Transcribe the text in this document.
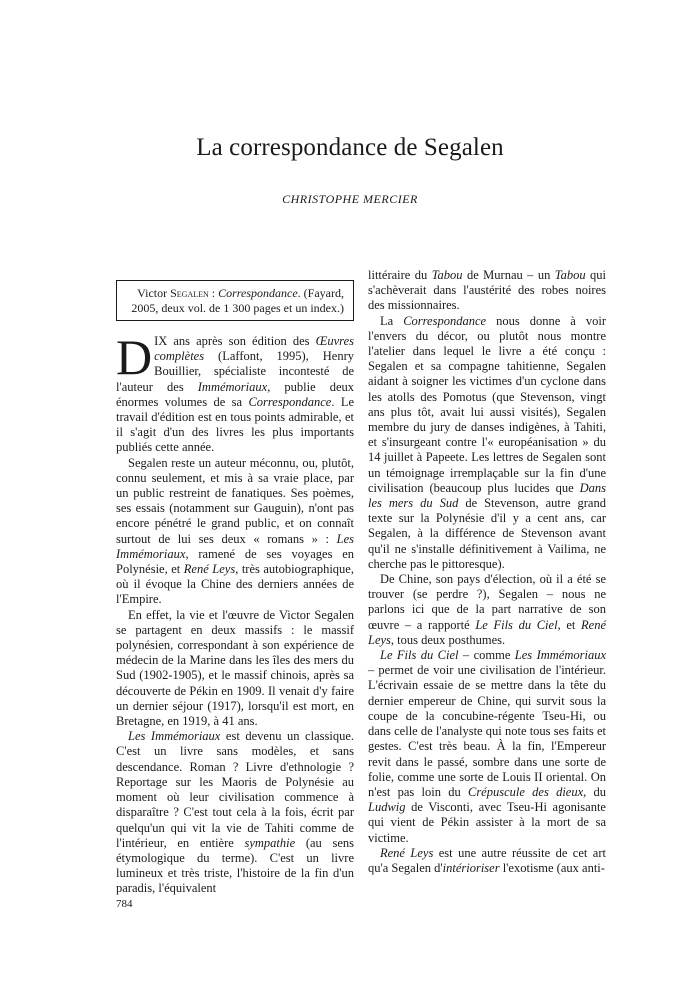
La correspondance de Segalen
CHRISTOPHE MERCIER
Victor Segalen : Correspondance. (Fayard, 2005, deux vol. de 1 300 pages et un index.)

DIX ans après son édition des Œuvres complètes (Laffont, 1995), Henry Bouillier, spécialiste incontesté de l'auteur des Immémoriaux, publie deux énormes volumes de sa Correspondance. Le travail d'édition est en tous points admirable, et il s'agit d'un des livres les plus importants publiés cette année.

Segalen reste un auteur méconnu, ou, plutôt, connu seulement, et mis à sa vraie place, par un public restreint de fanatiques. Ses poèmes, ses essais (notamment sur Gauguin), n'ont pas encore pénétré le grand public, et on connaît surtout de lui ses deux « romans » : Les Immémoriaux, ramené de ses voyages en Polynésie, et René Leys, très autobiographique, où il évoque la Chine des derniers années de l'Empire.

En effet, la vie et l'œuvre de Victor Segalen se partagent en deux massifs : le massif polynésien, correspondant à son expérience de médecin de la Marine dans les îles des mers du Sud (1902-1905), et le massif chinois, après sa découverte de Pékin en 1909. Il venait d'y faire un dernier séjour (1917), lorsqu'il est mort, en Bretagne, en 1919, à 41 ans.

Les Immémoriaux est devenu un classique. C'est un livre sans modèles, et sans descendance. Roman ? Livre d'ethnologie ? Reportage sur les Maoris de Polynésie au moment où leur civilisation commence à disparaître ? C'est tout cela à la fois, écrit par quelqu'un qui vit la vie de Tahiti comme de l'intérieur, en entière sympathie (au sens étymologique du terme). C'est un livre lumineux et très triste, l'histoire de la fin d'un paradis, l'équivalent

littéraire du Tabou de Murnau – un Tabou qui s'achèverait dans l'austérité des robes noires des missionnaires.

La Correspondance nous donne à voir l'envers du décor, ou plutôt nous montre l'atelier dans lequel le livre a été conçu : Segalen et sa compagne tahitienne, Segalen aidant à soigner les victimes d'un cyclone dans les atolls des Pomotus (que Stevenson, vingt ans plus tôt, avait lui aussi visités), Segalen membre du jury de danses indigènes, à Tahiti, et s'insurgeant contre l'« européanisation » du 14 juillet à Papeete. Les lettres de Segalen sont un témoignage irremplaçable sur la fin d'une civilisation (beaucoup plus lucides que Dans les mers du Sud de Stevenson, autre grand texte sur la Polynésie d'il y a cent ans, car Segalen, à la différence de Stevenson avant qu'il ne s'installe définitivement à Vailima, ne cherche pas le pittoresque).

De Chine, son pays d'élection, où il a été se trouver (se perdre ?), Segalen – nous ne parlons ici que de la part narrative de son œuvre – a rapporté Le Fils du Ciel, et René Leys, tous deux posthumes.

Le Fils du Ciel – comme Les Immémoriaux – permet de voir une civilisation de l'intérieur. L'écrivain essaie de se mettre dans la tête du dernier empereur de Chine, qui survit sous la coupe de la concubine-régente Tseu-Hi, ou dans celle de l'analyste qui note tous ses faits et gestes. C'est très beau. À la fin, l'Empereur revit dans le passé, sombre dans une sorte de folie, comme une sorte de Louis II oriental. On n'est pas loin du Crépuscule des dieux, du Ludwig de Visconti, avec Tseu-Hi agonisante qui vient de Pékin assister à la mort de sa victime.

René Leys est une autre réussite de cet art qu'a Segalen d'intérioriser l'exotisme (aux anti-

784
